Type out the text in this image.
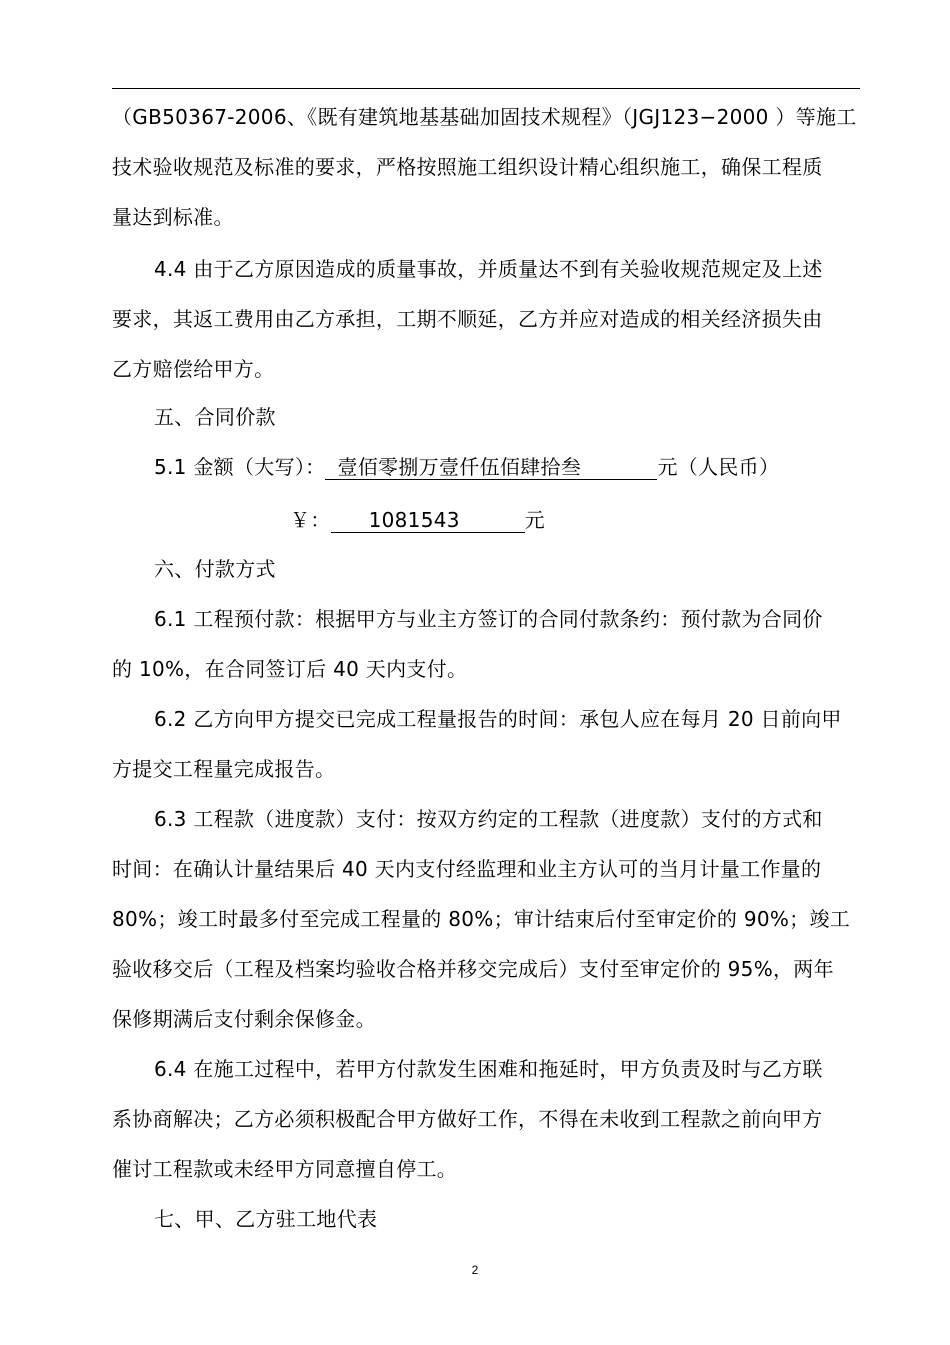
（GB50367-2006、《既有建筑地基基础加固技术规程》（JGJ123−2000 ）等施工
技术验收规范及标准的要求，严格按照施工组织设计精心组织施工，确保工程质
量达到标准。
4.4 由于乙方原因造成的质量事故，并质量达不到有关验收规范规定及上述
要求，其返工费用由乙方承担，工期不顺延，乙方并应对造成的相关经济损失由
乙方赔偿给甲方。
五、合同价款
5.1 金额（大写）： 壹佰零捌万壹仟伍佰肆拾叁	元（人民币）
￥： 1081543	元
六、付款方式
6.1 工程预付款：根据甲方与业主方签订的合同付款条约：预付款为合同价
的 10%，在合同签订后 40 天内支付。
6.2 乙方向甲方提交已完成工程量报告的时间：承包人应在每月 20 日前向甲
方提交工程量完成报告。
6.3 工程款（进度款）支付：按双方约定的工程款（进度款）支付的方式和
时间：在确认计量结果后 40 天内支付经监理和业主方认可的当月计量工作量的
80%；竣工时最多付至完成工程量的 80%；审计结束后付至审定价的 90%；竣工
验收移交后（工程及档案均验收合格并移交完成后）支付至审定价的 95%，两年
保修期满后支付剩余保修金。
6.4 在施工过程中，若甲方付款发生困难和拖延时，甲方负责及时与乙方联
系协商解决；乙方必须积极配合甲方做好工作，不得在未收到工程款之前向甲方
催讨工程款或未经甲方同意擅自停工。
七、甲、乙方驻工地代表
2
